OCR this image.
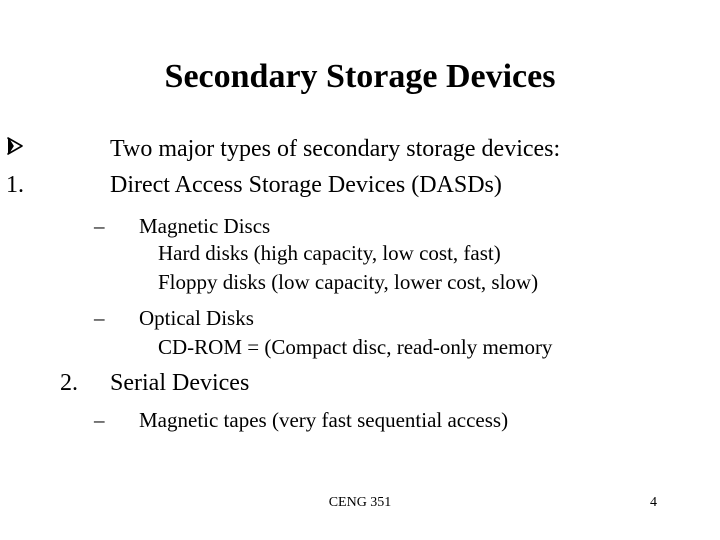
Secondary Storage Devices
Two major types of secondary storage devices:
1.	Direct Access Storage Devices (DASDs)
– Magnetic Discs
Hard disks (high capacity, low cost, fast)
Floppy disks (low capacity, lower cost, slow)
– Optical Disks
CD-ROM = (Compact disc, read-only memory
2. Serial Devices
– Magnetic tapes (very fast sequential access)
CENG 351	4
